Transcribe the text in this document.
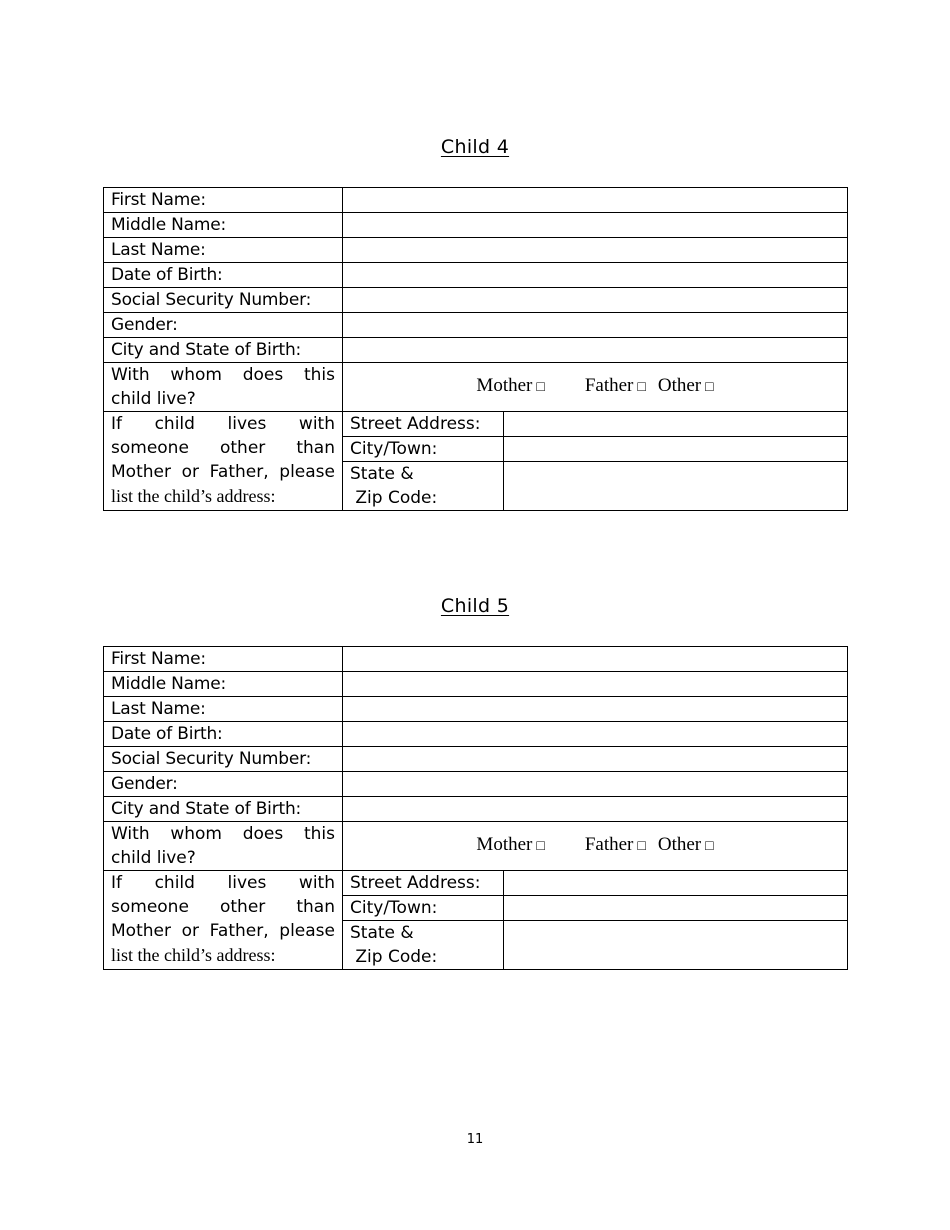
Child 4
First Name:		
Middle Name:		
Last Name:		
Date of Birth:		
Social Security Number:		
Gender:		
City and State of Birth:		

With whom does this
child live?	Mother □ Father □ Other □	

If child lives with
someone other than
Mother or Father, please
list the child’s address:	Street Address:	
	City/Town:	

	State &
Zip Code:	

Child 5
First Name:		
Middle Name:		
Last Name:		
Date of Birth:		
Social Security Number:		
Gender:		
City and State of Birth:		

With whom does this
child live?	Mother □ Father □ Other □	

If child lives with
someone other than
Mother or Father, please
list the child’s address:	Street Address:	
	City/Town:	

	State &
Zip Code:	

11
